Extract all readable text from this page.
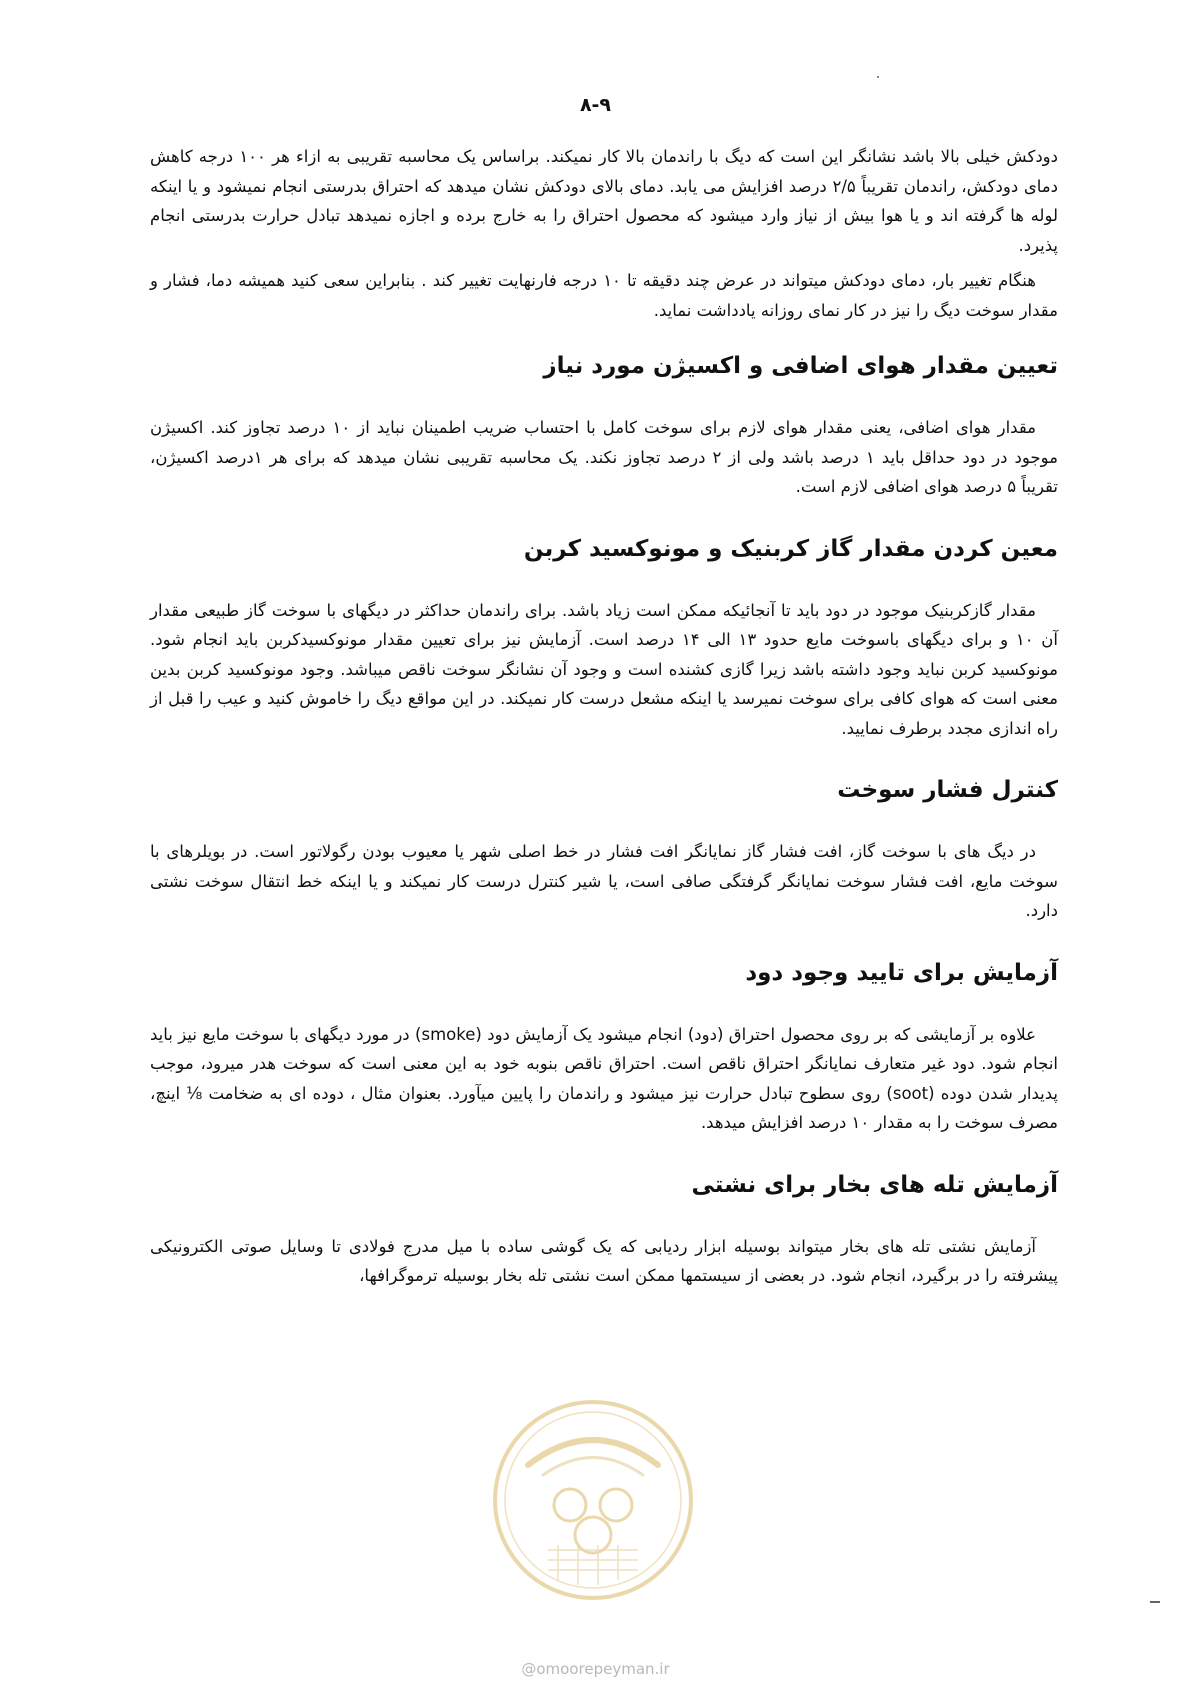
۸-۹

دودکش خیلی بالا باشد نشانگر این است که دیگ با راندمان بالا کار نمیکند. براساس یک محاسبه تقریبی به ازاء هر ۱۰۰ درجه کاهش دمای دودکش، راندمان تقریباً ۲/۵ درصد افزایش می یابد. دمای بالای دودکش نشان میدهد که احتراق بدرستی انجام نمیشود و یا اینکه لوله ها گرفته اند و یا هوا بیش از نیاز وارد میشود که محصول احتراق را به خارج برده و اجازه نمیدهد تبادل حرارت بدرستی انجام پذیرد.

هنگام تغییر بار، دمای دودکش میتواند در عرض چند دقیقه تا ۱۰ درجه فارنهایت تغییر کند . بنابراین سعی کنید همیشه دما، فشار و مقدار سوخت دیگ را نیز در کار نمای روزانه یادداشت نماید.

تعیین مقدار هوای اضافی و اکسیژن مورد نیاز

مقدار هوای اضافی، یعنی مقدار هوای لازم برای سوخت کامل با احتساب ضریب اطمینان نباید از ۱۰ درصد تجاوز کند. اکسیژن موجود در دود حداقل باید ۱ درصد باشد ولی از ۲ درصد تجاوز نکند. یک محاسبه تقریبی نشان میدهد که برای هر ۱درصد اکسیژن، تقریباً ۵ درصد هوای اضافی لازم است.

معین کردن مقدار گاز کربنیک و مونوکسید کربن

مقدار گازکربنیک موجود در دود باید تا آنجائیکه ممکن است زیاد باشد. برای راندمان حداکثر در دیگهای با سوخت گاز طبیعی مقدار آن ۱۰ و برای دیگهای باسوخت مایع حدود ۱۳ الی ۱۴ درصد است. آزمایش نیز برای تعیین مقدار مونوکسیدکربن باید انجام شود. مونوکسید کربن نباید وجود داشته باشد زیرا گازی کشنده است و وجود آن نشانگر سوخت ناقص میباشد. وجود مونوکسید کربن بدین معنی است که هوای کافی برای سوخت نمیرسد یا اینکه مشعل درست کار نمیکند. در این مواقع دیگ را خاموش کنید و عیب را قبل از راه اندازی مجدد برطرف نمایید.

کنترل فشار سوخت

در دیگ های با سوخت گاز، افت فشار گاز نمایانگر افت فشار در خط اصلی شهر یا معیوب بودن رگولاتور است. در بویلرهای با سوخت مایع، افت فشار سوخت نمایانگر گرفتگی صافی است، یا شیر کنترل درست کار نمیکند و یا اینکه خط انتقال سوخت نشتی دارد.

آزمایش برای تایید وجود دود

علاوه بر آزمایشی که بر روی محصول احتراق (دود) انجام میشود یک آزمایش دود (smoke) در مورد دیگهای با سوخت مایع نیز باید انجام شود. دود غیر متعارف نمایانگر احتراق ناقص است. احتراق ناقص بنوبه خود به این معنی است که سوخت هدر میرود، موجب پدیدار شدن دوده (soot) روی سطوح تبادل حرارت نیز میشود و راندمان را پایین میآورد. بعنوان مثال ، دوده ای به ضخامت ⅛ اینچ، مصرف سوخت را به مقدار ۱۰ درصد افزایش میدهد.

آزمایش تله های بخار برای نشتی

آزمایش نشتی تله های بخار میتواند بوسیله ابزار ردیابی که یک گوشی ساده با میل مدرج فولادی تا وسایل صوتی الکترونیکی پیشرفته را در برگیرد، انجام شود. در بعضی از سیستمها ممکن است نشتی تله بخار بوسیله ترموگرافها،

@omoorepeyman.ir
